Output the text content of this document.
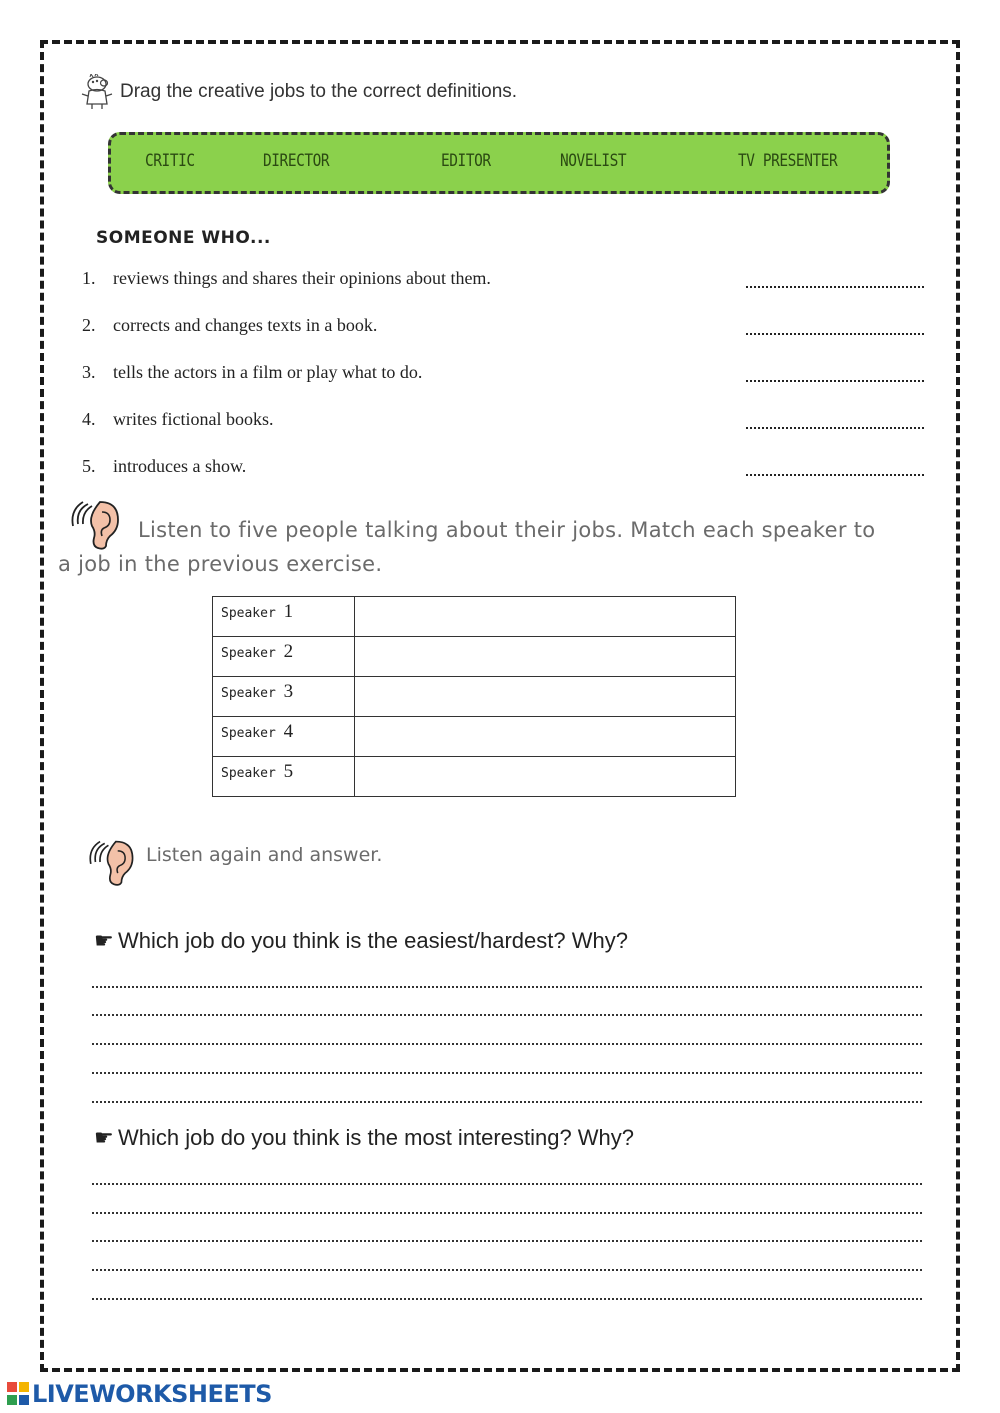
Drag the creative jobs to the correct definitions.
CRITIC	DIRECTOR	EDITOR	NOVELIST	TV PRESENTER
SOMEONE WHO...
1. reviews things and shares their opinions about them.
2. corrects and changes texts in a book.
3. tells the actors in a film or play what to do.
4. writes fictional books.
5. introduces a show.
Listen to five people talking about their jobs. Match each speaker to
a job in the previous exercise.
Speaker 1	
Speaker 2	
Speaker 3	
Speaker 4	
Speaker 5	
Listen again and answer.
☛ Which job do you think is the easiest/hardest? Why?
☛ Which job do you think is the most interesting? Why?
LIVEWORKSHEETS
